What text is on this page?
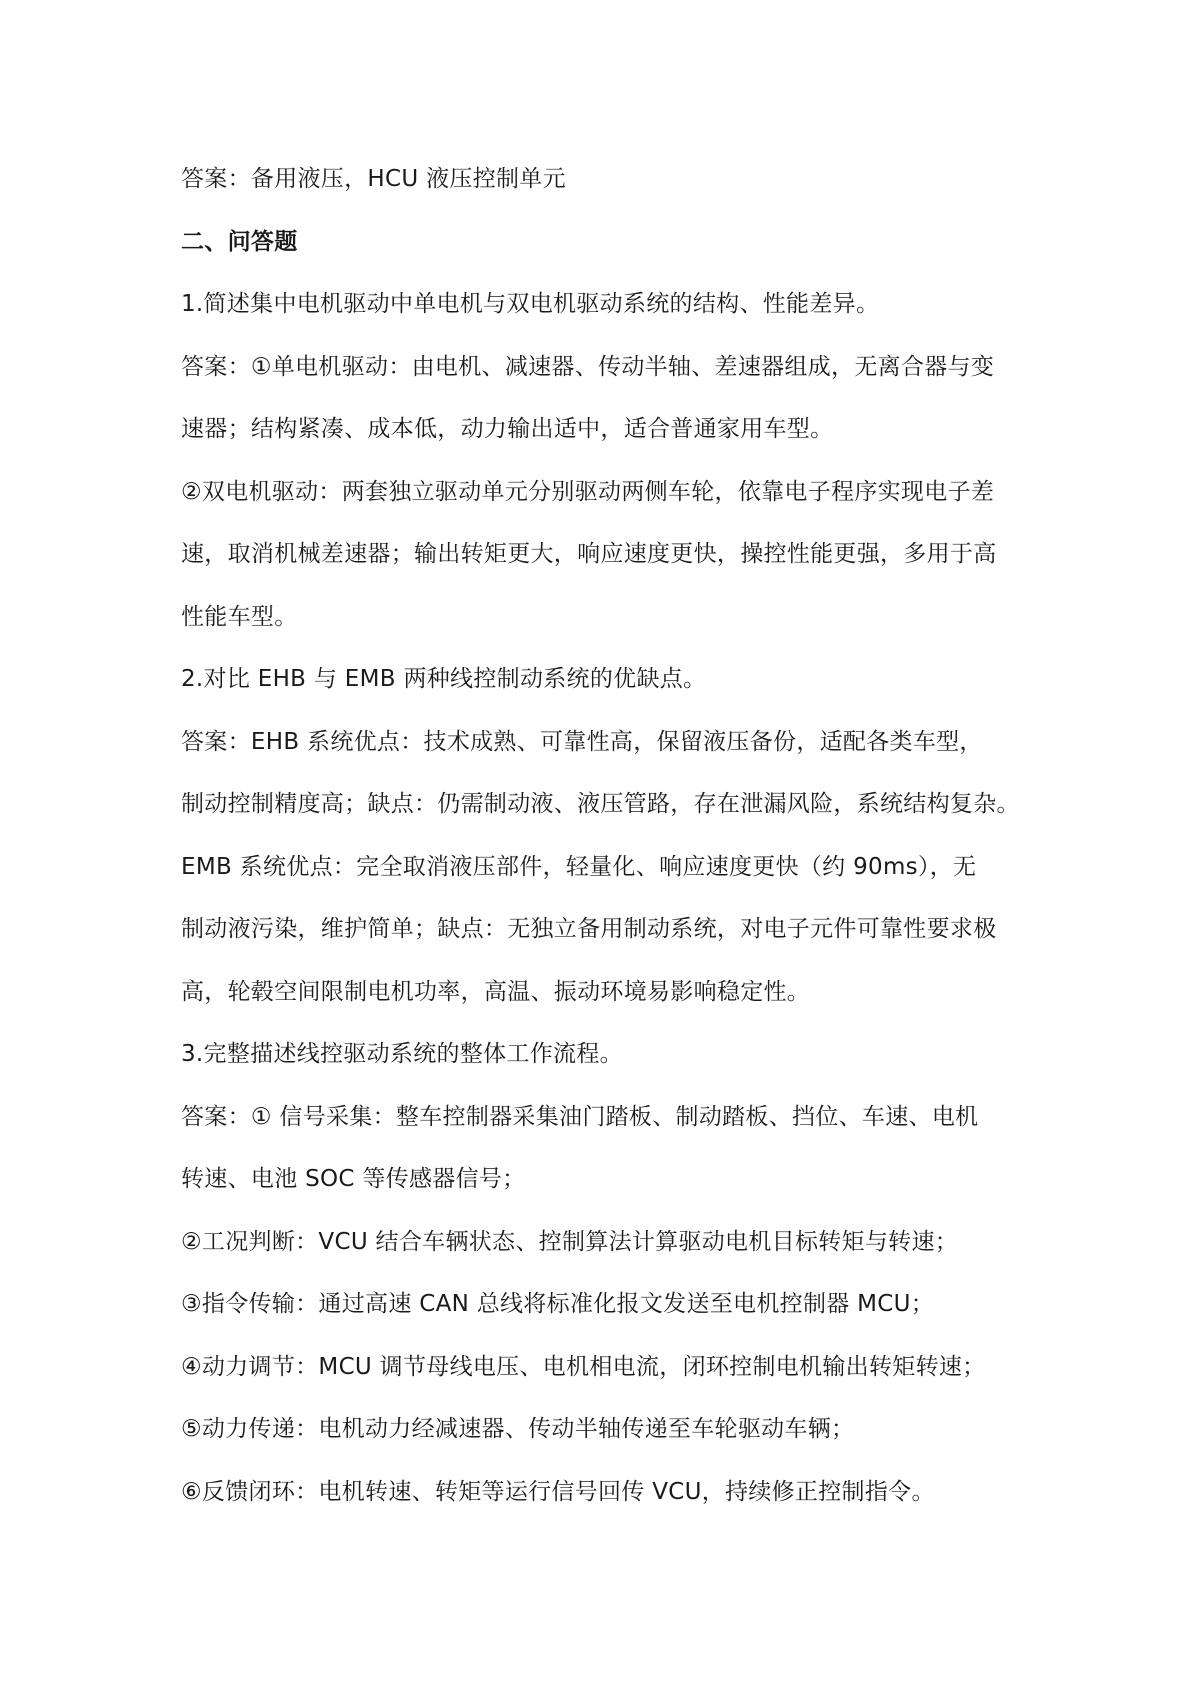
答案：备用液压，HCU 液压控制单元
二、问答题
1.简述集中电机驱动中单电机与双电机驱动系统的结构、性能差异。
答案：①单电机驱动：由电机、减速器、传动半轴、差速器组成，无离合器与变
速器；结构紧凑、成本低，动力输出适中，适合普通家用车型。
②双电机驱动：两套独立驱动单元分别驱动两侧车轮，依靠电子程序实现电子差
速，取消机械差速器；输出转矩更大，响应速度更快，操控性能更强，多用于高
性能车型。
2.对比 EHB 与 EMB 两种线控制动系统的优缺点。
答案：EHB 系统优点：技术成熟、可靠性高，保留液压备份，适配各类车型，
制动控制精度高；缺点：仍需制动液、液压管路，存在泄漏风险，系统结构复杂。
EMB 系统优点：完全取消液压部件，轻量化、响应速度更快（约 90ms），无
制动液污染，维护简单；缺点：无独立备用制动系统，对电子元件可靠性要求极
高，轮毂空间限制电机功率，高温、振动环境易影响稳定性。
3.完整描述线控驱动系统的整体工作流程。
答案：① 信号采集：整车控制器采集油门踏板、制动踏板、挡位、车速、电机
转速、电池 SOC 等传感器信号；
②工况判断：VCU 结合车辆状态、控制算法计算驱动电机目标转矩与转速；
③指令传输：通过高速 CAN 总线将标准化报文发送至电机控制器 MCU；
④动力调节：MCU 调节母线电压、电机相电流，闭环控制电机输出转矩转速；
⑤动力传递：电机动力经减速器、传动半轴传递至车轮驱动车辆；
⑥反馈闭环：电机转速、转矩等运行信号回传 VCU，持续修正控制指令。
